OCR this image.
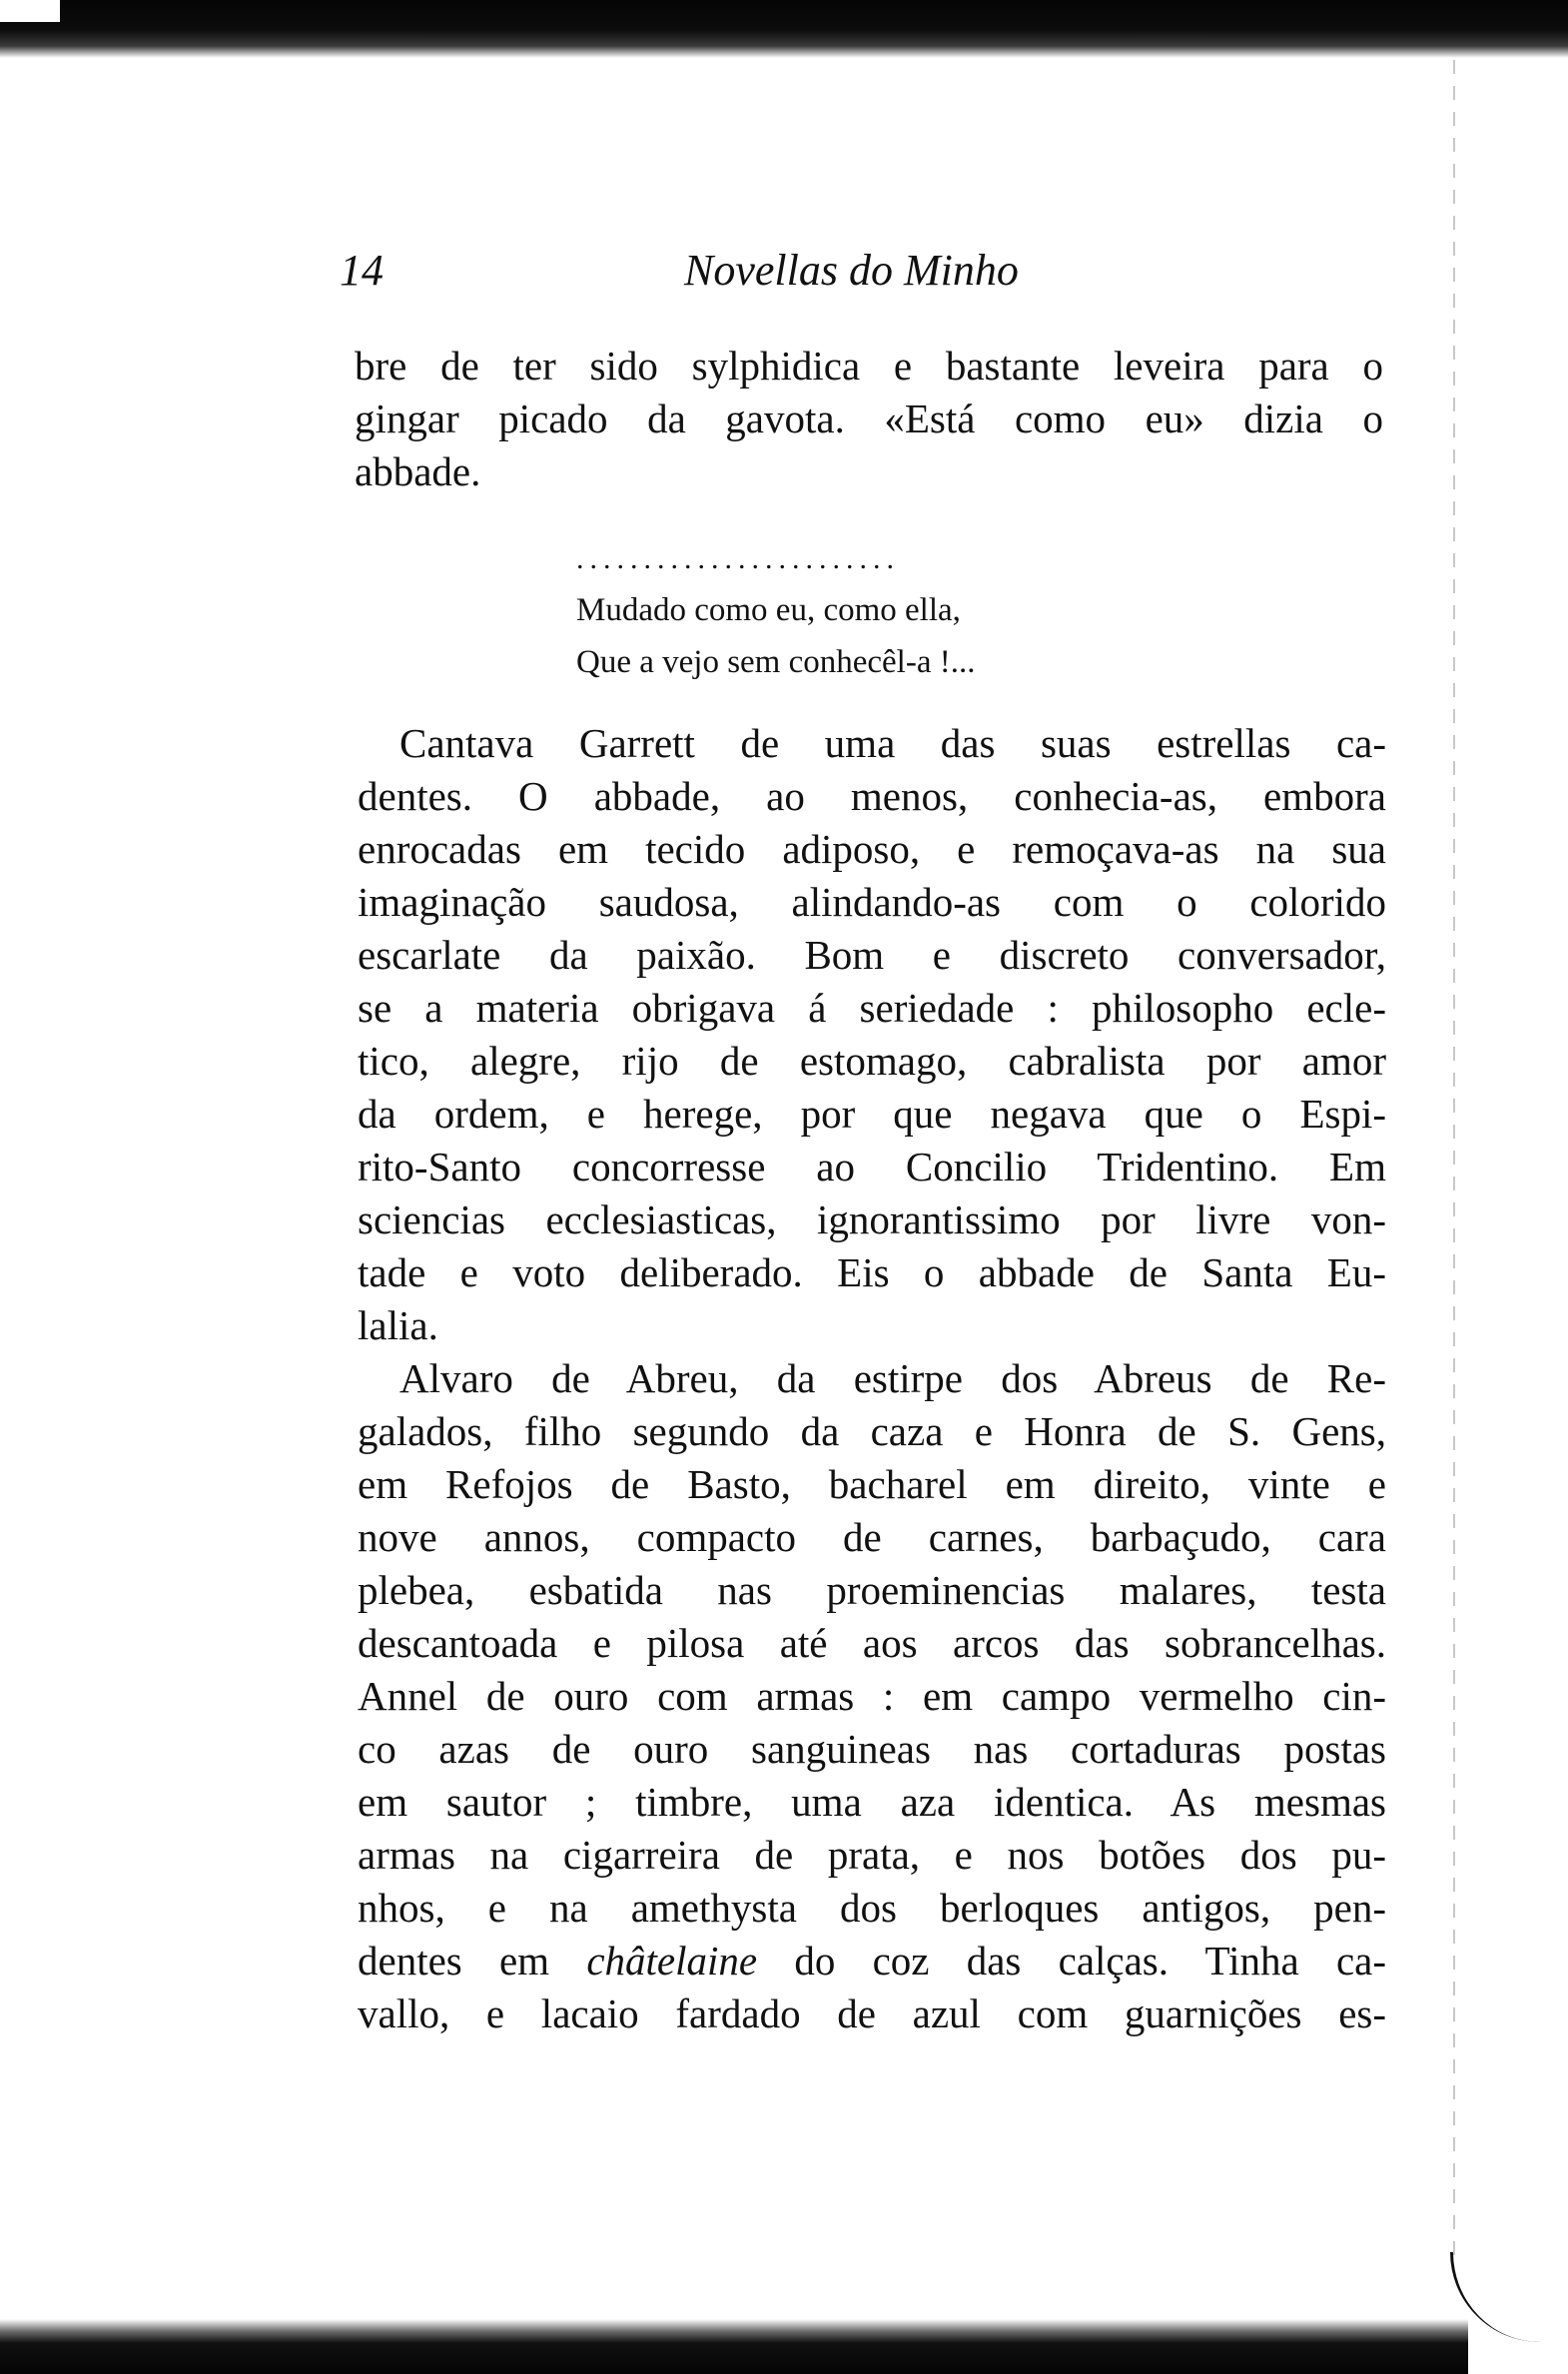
14	Novellas do Minho
bre de ter sido sylphidica e bastante leveira para o
gingar picado da gavota. «Está como eu» dizia o
abbade.
........................
Mudado como eu, como ella,
Que a vejo sem conhecêl-a !...
Cantava Garrett de uma das suas estrellas ca-
dentes. O abbade, ao menos, conhecia-as, embora
enrocadas em tecido adiposo, e remoçava-as na sua
imaginação saudosa, alindando-as com o colorido
escarlate da paixão. Bom e discreto conversador,
se a materia obrigava á seriedade : philosopho ecle-
tico, alegre, rijo de estomago, cabralista por amor
da ordem, e herege, por que negava que o Espi-
rito-Santo concorresse ao Concilio Tridentino. Em
sciencias ecclesiasticas, ignorantissimo por livre von-
tade e voto deliberado. Eis o abbade de Santa Eu-
lalia.
Alvaro de Abreu, da estirpe dos Abreus de Re-
galados, filho segundo da caza e Honra de S. Gens,
em Refojos de Basto, bacharel em direito, vinte e
nove annos, compacto de carnes, barbaçudo, cara
plebea, esbatida nas proeminencias malares, testa
descantoada e pilosa até aos arcos das sobrancelhas.
Annel de ouro com armas : em campo vermelho cin-
co azas de ouro sanguineas nas cortaduras postas
em sautor ; timbre, uma aza identica. As mesmas
armas na cigarreira de prata, e nos botões dos pu-
nhos, e na amethysta dos berloques antigos, pen-
dentes em châtelaine do coz das calças. Tinha ca-
vallo, e lacaio fardado de azul com guarnições es-
